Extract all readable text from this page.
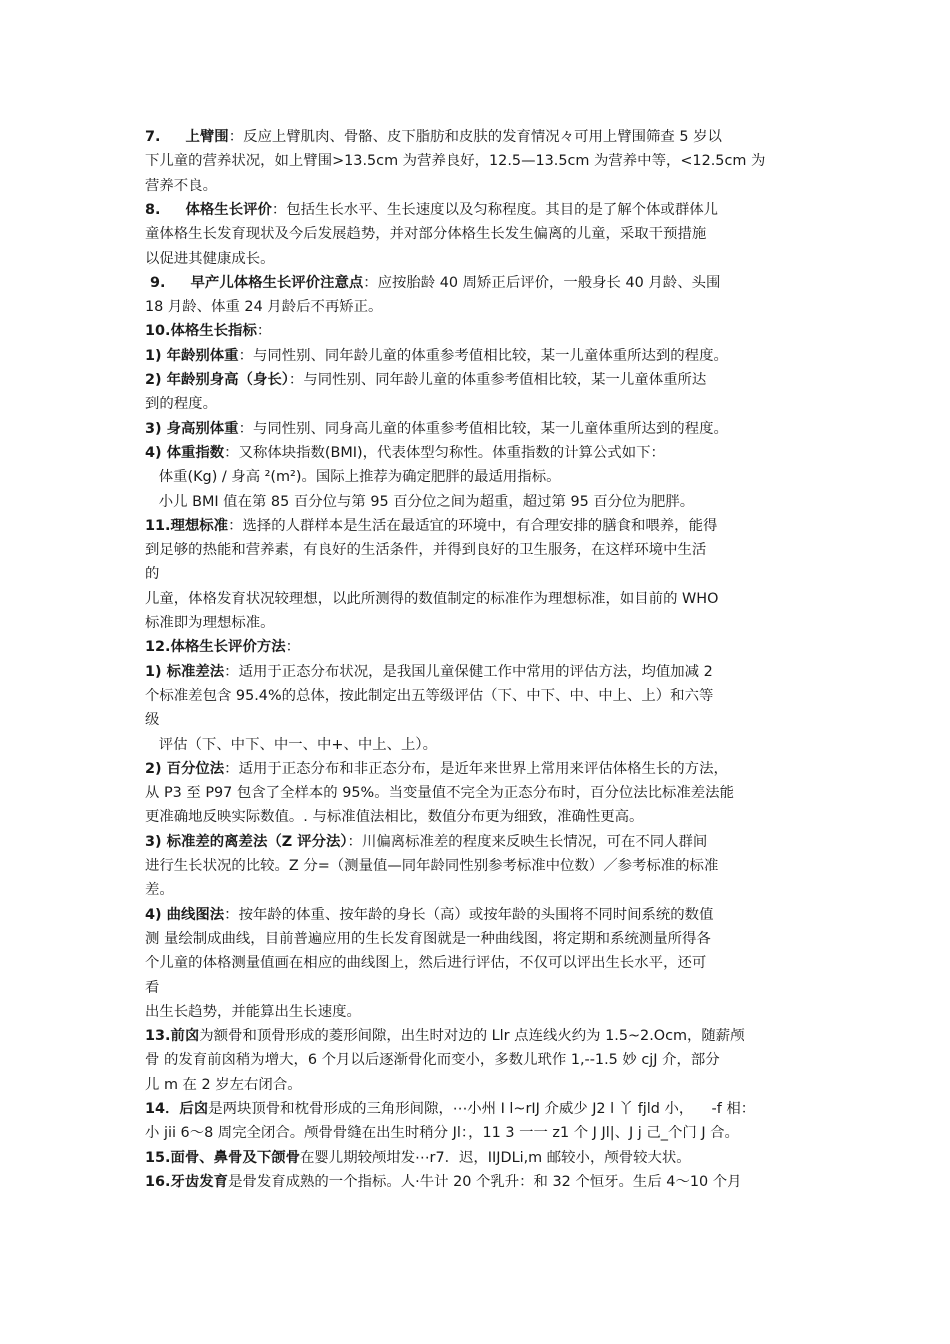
7.     上臂围：反应上臂肌肉、骨骼、皮下脂肪和皮肤的发育情况々可用上臂围筛查 5 岁以
下儿童的营养状况，如上臂围>13.5cm 为营养良好，12.5—13.5cm 为营养中等，<12.5cm 为
营养不良。
8.     体格生长评价：包括生长水平、生长速度以及匀称程度。其目的是了解个体或群体儿
童体格生长发育现状及今后发展趋势，并对部分体格生长发生偏离的儿童，采取干预措施
以促进其健康成长。
9.     早产儿体格生长评价注意点：应按胎龄 40 周矫正后评价，一般身长 40 月龄、头围
18 月龄、体重 24 月龄后不再矫正。
10.体格生长指标：
1) 年龄别体重：与同性别、同年龄儿童的体重参考值相比较，某一儿童体重所达到的程度。
2) 年龄别身高（身长）：与同性别、同年龄儿童的体重参考值相比较，某一儿童体重所达
到的程度。
3) 身高别体重：与同性别、同身高儿童的体重参考值相比较，某一儿童体重所达到的程度。
4) 体重指数：又称体块指数(BMI)，代表体型匀称性。体重指数的计算公式如下：
体重(Kg) / 身高 ²(m²)。国际上推荐为确定肥胖的最适用指标。
小儿 BMI 值在第 85 百分位与第 95 百分位之间为超重，超过第 95 百分位为肥胖。
11.理想标准：选择的人群样本是生活在最适宜的环境中，有合理安排的膳食和喂养，能得
到足够的热能和营养素，有良好的生活条件，并得到良好的卫生服务，在这样环境中生活
的
儿童，体格发育状况较理想，以此所测得的数值制定的标准作为理想标准，如目前的 WHO
标准即为理想标准。
12.体格生长评价方法：
1) 标准差法：适用于正态分布状况，是我国儿童保健工作中常用的评估方法，均值加减 2
个标准差包含 95.4%的总体，按此制定出五等级评估（下、中下、中、中上、上）和六等
级
评估（下、中下、中一、中+、中上、上）。
2) 百分位法：适用于正态分布和非正态分布，是近年来世界上常用来评估体格生长的方法，
从 P3 至 P97 包含了全样本的 95%。当变量值不完全为正态分布时，百分位法比标准差法能
更准确地反映实际数值。. 与标准值法相比，数值分布更为细致，准确性更高。
3) 标准差的离差法（Z 评分法）：川偏离标准差的程度来反映生长情况，可在不同人群间
进行生长状况的比较。Z 分=（测量值—同年龄同性别参考标准中位数）／参考标准的标准
差。
4) 曲线图法：按年龄的体重、按年龄的身长（高）或按年龄的头围将不同时间系统的数值
测 量绘制成曲线，目前普遍应用的生长发育图就是一种曲线图，将定期和系统测量所得各
个儿童的体格测量值画在相应的曲线图上，然后进行评估，不仅可以评出生长水平，还可
看
出生长趋势，并能算出生长速度。
13.前囟为额骨和顶骨形成的菱形间隙，出生时对边的 Llr 点连线火约为 1.5~2.Ocm，随薪颅
骨 的发育前囟稍为增大，6 个月以后逐渐骨化而变小，多数儿玳作 1,--1.5 妙 cjJ 介，部分
儿 m 在 2 岁左右闭合。
14．后囟是两块顶骨和枕骨形成的三角形间隙，⋯小州 I l~rIJ 介威少 J2 l 丫 fjld 小，    -f 相：
小 jii 6～8 周完全闭合。颅骨骨缝在出生时稍分 Jl：，11 3 一一 z1 个 J Jl|、J j 己_个门 J 合。
15.面骨、鼻骨及下颌骨在婴儿期较颅坩发⋯r7．迟，IIJDLi,m 邮较小，颅骨较大状。
16.牙齿发育是骨发育成熟的一个指标。人·牛计 20 个乳升：和 32 个恒牙。生后 4～10 个月
